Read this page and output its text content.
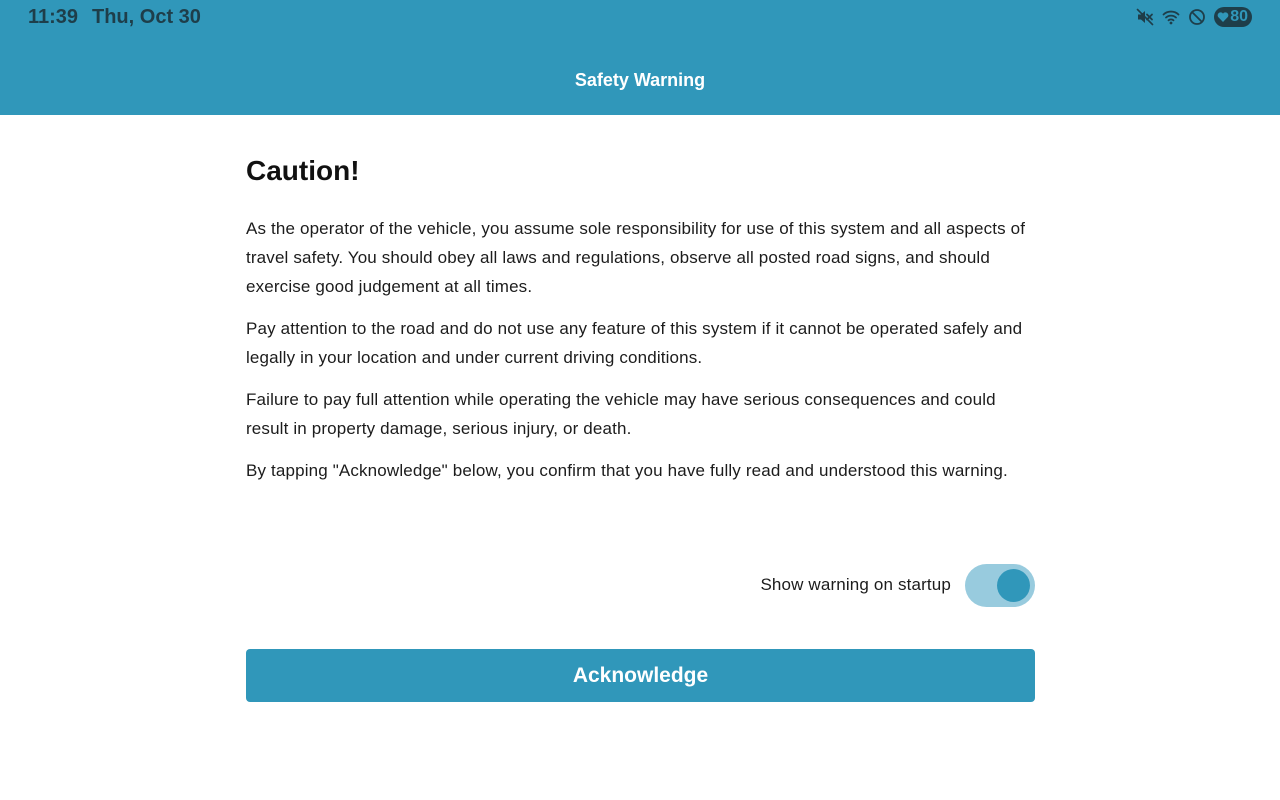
11:39 Thu, Oct 30	80
Safety Warning
Caution!

As the operator of the vehicle, you assume sole responsibility for use of this system and all aspects of travel safety. You should obey all laws and regulations, observe all posted road signs, and should exercise good judgement at all times.

Pay attention to the road and do not use any feature of this system if it cannot be operated safely and legally in your location and under current driving conditions.

Failure to pay full attention while operating the vehicle may have serious consequences and could result in property damage, serious injury, or death.

By tapping "Acknowledge" below, you confirm that you have fully read and understood this warning.

Show warning on startup
Acknowledge
